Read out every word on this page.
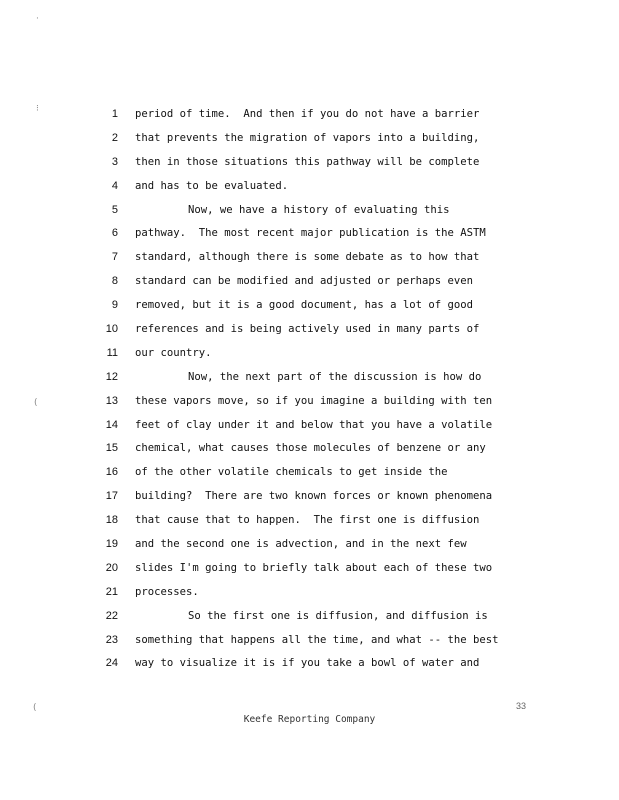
·
⁝
(
(
1 period of time.  And then if you do not have a barrier
2 that prevents the migration of vapors into a building,
3 then in those situations this pathway will be complete
4 and has to be evaluated.
5	Now, we have a history of evaluating this
6 pathway.  The most recent major publication is the ASTM
7 standard, although there is some debate as to how that
8 standard can be modified and adjusted or perhaps even
9 removed, but it is a good document, has a lot of good
10 references and is being actively used in many parts of
11 our country.
12	Now, the next part of the discussion is how do
13 these vapors move, so if you imagine a building with ten
14 feet of clay under it and below that you have a volatile
15 chemical, what causes those molecules of benzene or any
16 of the other volatile chemicals to get inside the
17 building?  There are two known forces or known phenomena
18 that cause that to happen.  The first one is diffusion
19 and the second one is advection, and in the next few
20 slides I'm going to briefly talk about each of these two
21 processes.
22	So the first one is diffusion, and diffusion is
23 something that happens all the time, and what -- the best
24 way to visualize it is if you take a bowl of water and
33
Keefe Reporting Company
